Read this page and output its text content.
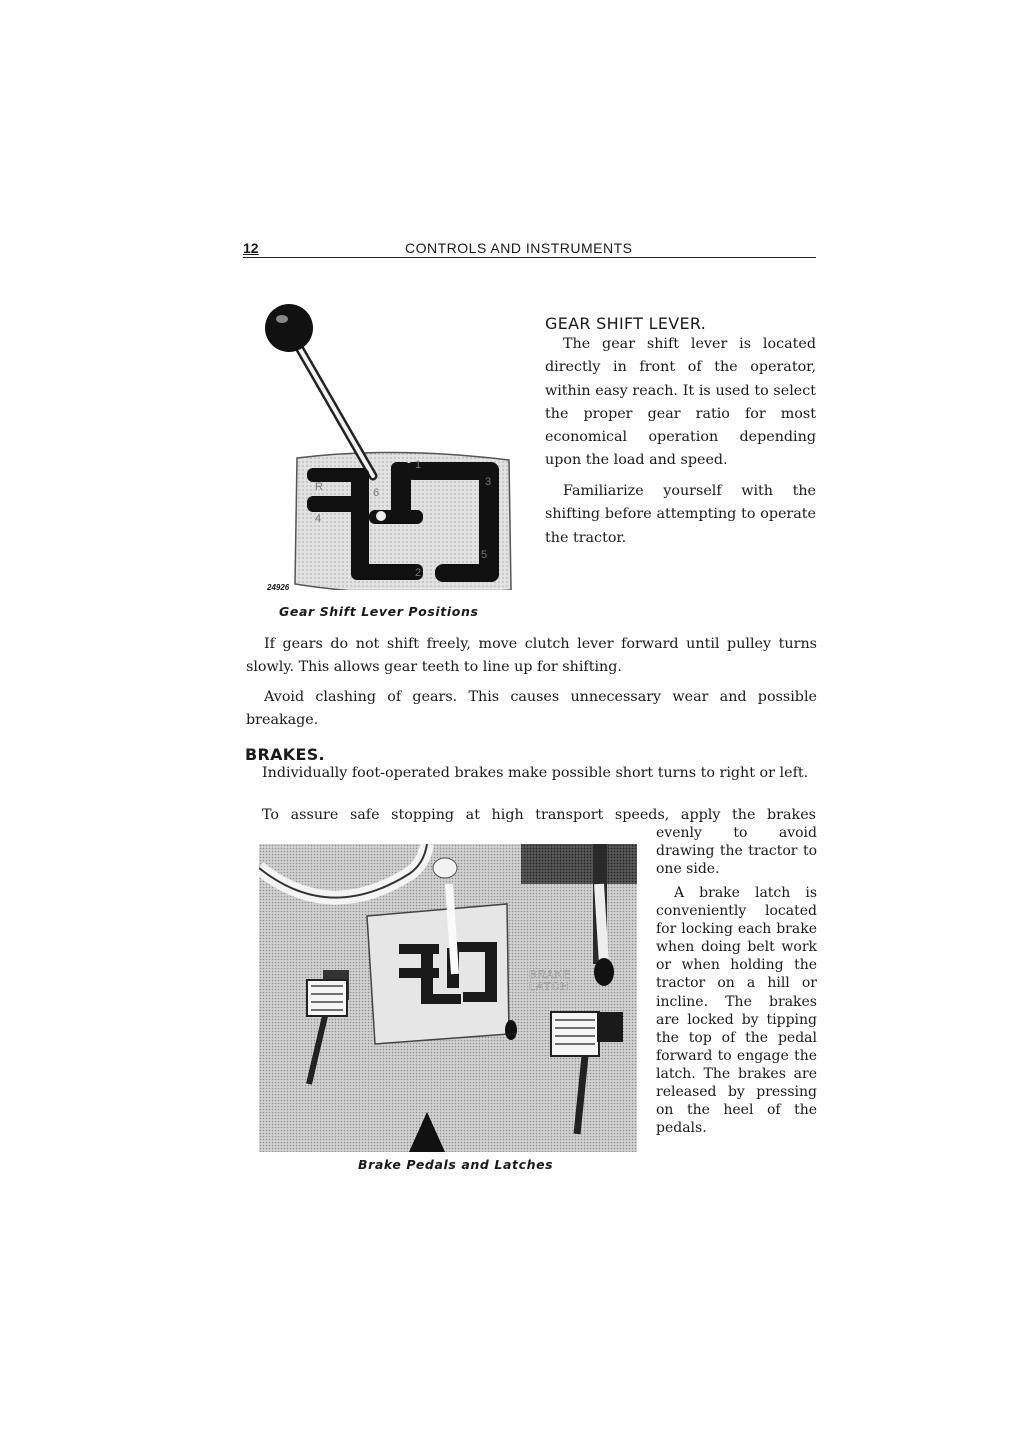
12	CONTROLS AND INSTRUMENTS
R
1
3
4
6
2
5
24926
Gear Shift Lever Positions
GEAR SHIFT LEVER.
The gear shift lever is located directly in front of the operator, within easy reach. It is used to select the proper gear ratio for most economical operation depending upon the load and speed.
Familiarize yourself with the shifting before attempting to operate the tractor.
If gears do not shift freely, move clutch lever forward until pulley turns slowly. This allows gear teeth to line up for shifting.
Avoid clashing of gears. This causes unnecessary wear and possible breakage.
BRAKES.
Individually foot-operated brakes make possible short turns to right or left.
To assure safe stopping at high transport speeds, apply the brakes
evenly to avoid drawing the tractor to one side.
A brake latch is conveniently located for locking each brake when doing belt work or when holding the tractor on a hill or incline. The brakes are locked by tipping the top of the pedal forward to engage the latch. The brakes are released by pressing on the heel of the pedals.
BRAKE
LATCH
Brake Pedals and Latches
